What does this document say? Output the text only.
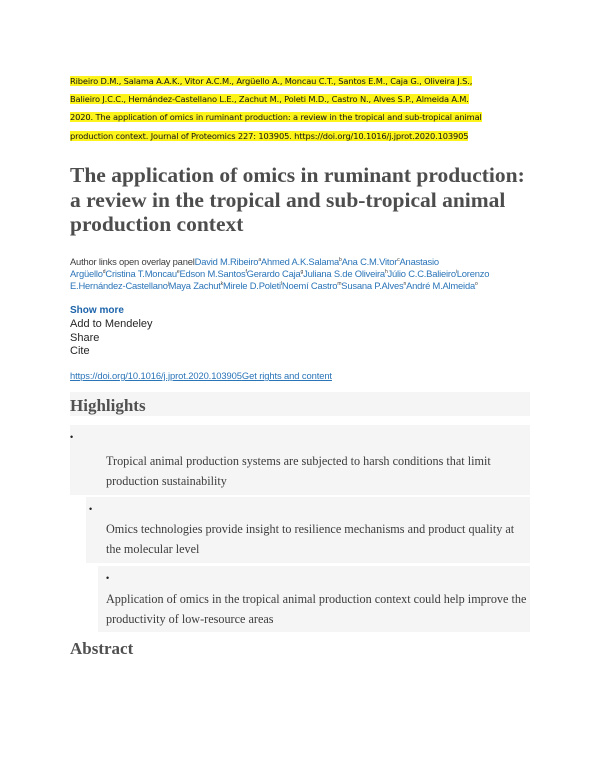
Ribeiro D.M., Salama A.A.K., Vitor A.C.M., Argüello A., Moncau C.T., Santos E.M., Caja G., Oliveira J.S.,
Balieiro J.C.C., Hernández-Castellano L.E., Zachut M., Poleti M.D., Castro N., Alves S.P., Almeida A.M.
2020. The application of omics in ruminant production: a review in the tropical and sub-tropical animal
production context. Journal of Proteomics 227: 103905. https://doi.org/10.1016/j.jprot.2020.103905
The application of omics in ruminant production: a review in the tropical and sub-tropical animal production context
Author links open overlay panelDavid M.Ribeiro$^a$Ahmed A.K.Salama$^b$Ana C.M.Vitor$^c$Anastasio Argüello$^d$Cristina T.Moncau$^e$Edson M.Santos$^f$Gerardo Caja$^g$Juliana S.de Oliveira$^h$Júlio C.C.Balieiro$^i$Lorenzo E.Hernández-Castellano$^j$Maya Zachut$^k$Mirele D.Poleti$^l$Noemí Castro$^m$Susana P.Alves$^n$André M.Almeida$^o$
Show more
Add to Mendeley
Share
Cite
https://doi.org/10.1016/j.jprot.2020.103905Get rights and content
Highlights
•
Tropical animal production systems are subjected to harsh conditions that limit production sustainability
•
Omics technologies provide insight to resilience mechanisms and product quality at the molecular level
•
Application of omics in the tropical animal production context could help improve the productivity of low-resource areas
Abstract
